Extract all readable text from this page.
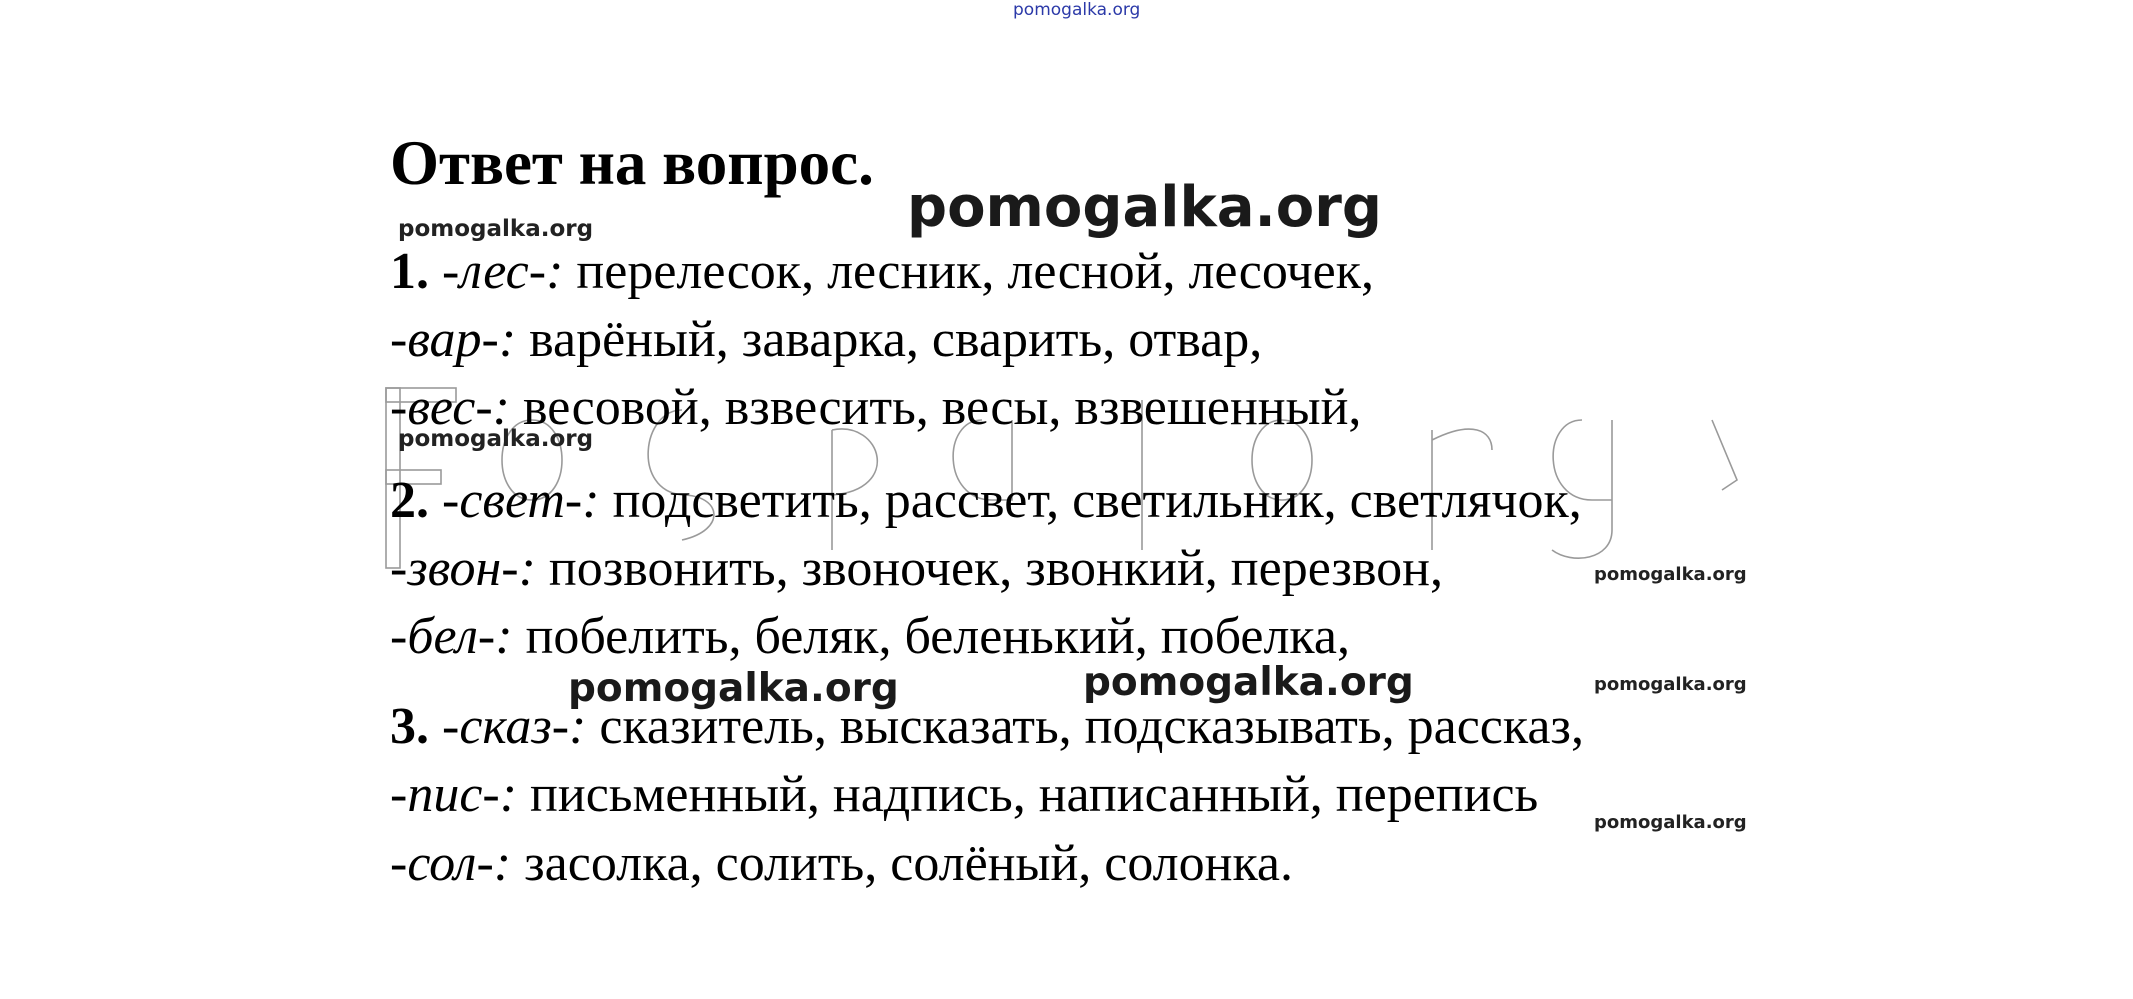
pomogalka.org
Ответ на вопрос.
pomogalka.org
pomogalka.org
1. -лес-: перелесок, лесник, лесной, лесочек,
-вар-: варёный, заварка, сварить, отвар,
-вес-: весовой, взвесить, весы, взвешенный,
pomogalka.org
2. -свет-: подсветить, рассвет, светильник, светлячок,
-звон-: позвонить, звоночек, звонкий, перезвон,	pomogalka.org
-бел-: побелить, беляк, беленький, побелка,
pomogalka.org	pomogalka.org	pomogalka.org
3. -сказ-: сказитель, высказать, подсказывать, рассказ,
-пис-: письменный, надпись, написанный, перепись	pomogalka.org
-сол-: засолка, солить, солёный, солонка.
